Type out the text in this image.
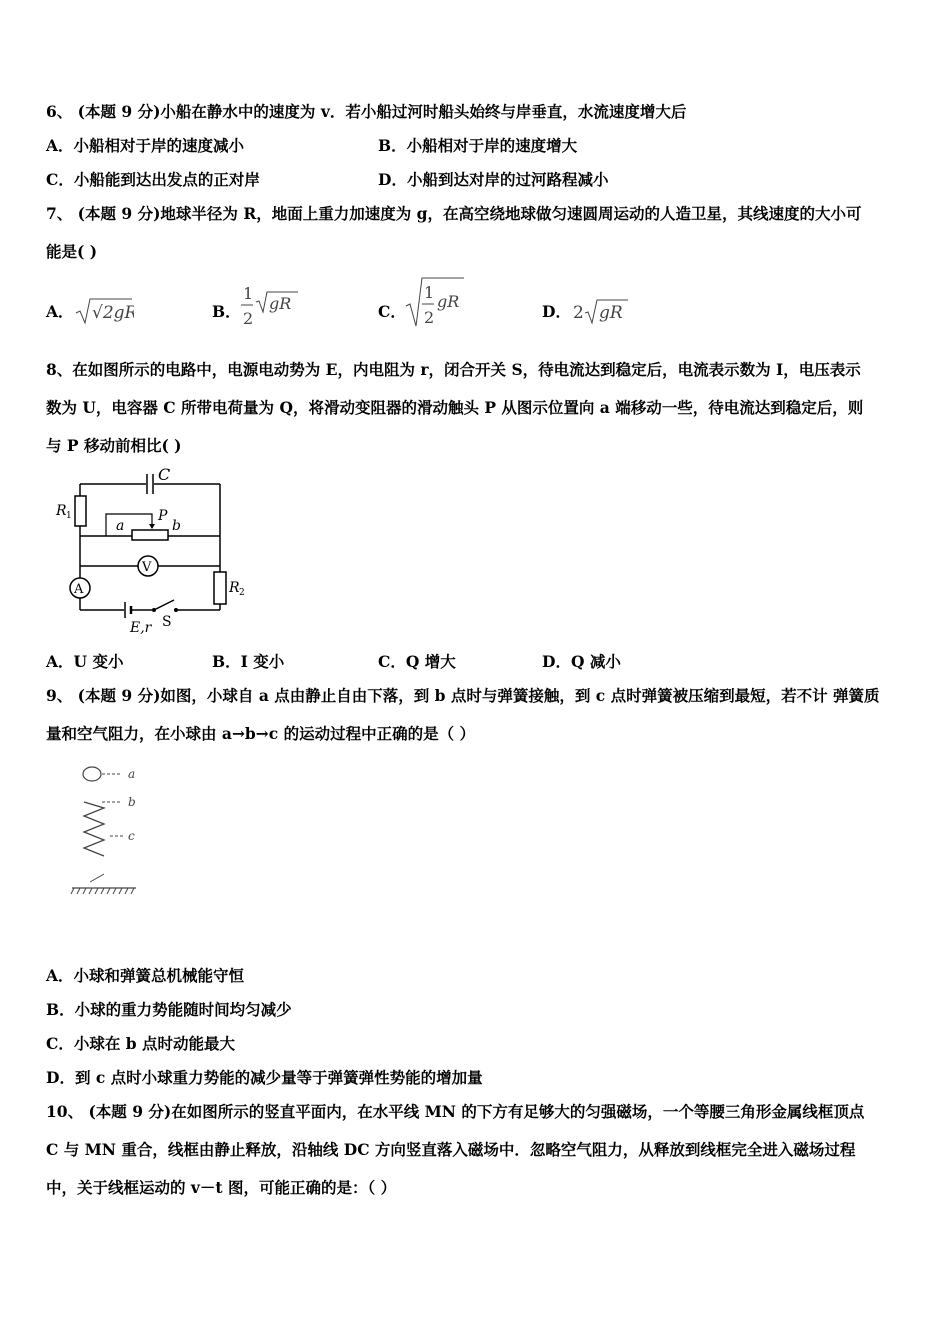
6、 (本题 9 分)小船在静水中的速度为 v．若小船过河时船头始终与岸垂直，水流速度增大后
A．小船相对于岸的速度减小	B．小船相对于岸的速度增大
C．小船能到达出发点的正对岸	D．小船到达对岸的过河路程减小
7、 (本题 9 分)地球半径为 R，地面上重力加速度为 g，在高空绕地球做匀速圆周运动的人造卫星，其线速度的大小可
能是( )
A． √2gR	B．
1
2
gR	C．
1
2
gR
D． 2 gR
8、在如图所示的电路中，电源电动势为 E，内电阻为 r，闭合开关 S，待电流达到稳定后，电流表示数为 I，电压表示
数为 U，电容器 C 所带电荷量为 Q，将滑动变阻器的滑动触头 P 从图示位置向 a 端移动一些，待电流达到稳定后，则
与 P 移动前相比( )
C
R 1
a
P
b
V
A	R 2
E,r S
A．U 变小	B．I 变小	C．Q 增大	D．Q 减小
9、 (本题 9 分)如图，小球自 a 点由静止自由下落，到 b 点时与弹簧接触，到 c 点时弹簧被压缩到最短，若不计 弹簧质
量和空气阻力，在小球由 a→b→c 的运动过程中正确的是（ ）
a
b
c
A．小球和弹簧总机械能守恒
B．小球的重力势能随时间均匀减少
C．小球在 b 点时动能最大
D．到 c 点时小球重力势能的减少量等于弹簧弹性势能的增加量
10、 (本题 9 分)在如图所示的竖直平面内，在水平线 MN 的下方有足够大的匀强磁场，一个等腰三角形金属线框顶点
C 与 MN 重合，线框由静止释放，沿轴线 DC 方向竖直落入磁场中．忽略空气阻力，从释放到线框完全进入磁场过程
中，关于线框运动的 v－t 图，可能正确的是：（ ）
